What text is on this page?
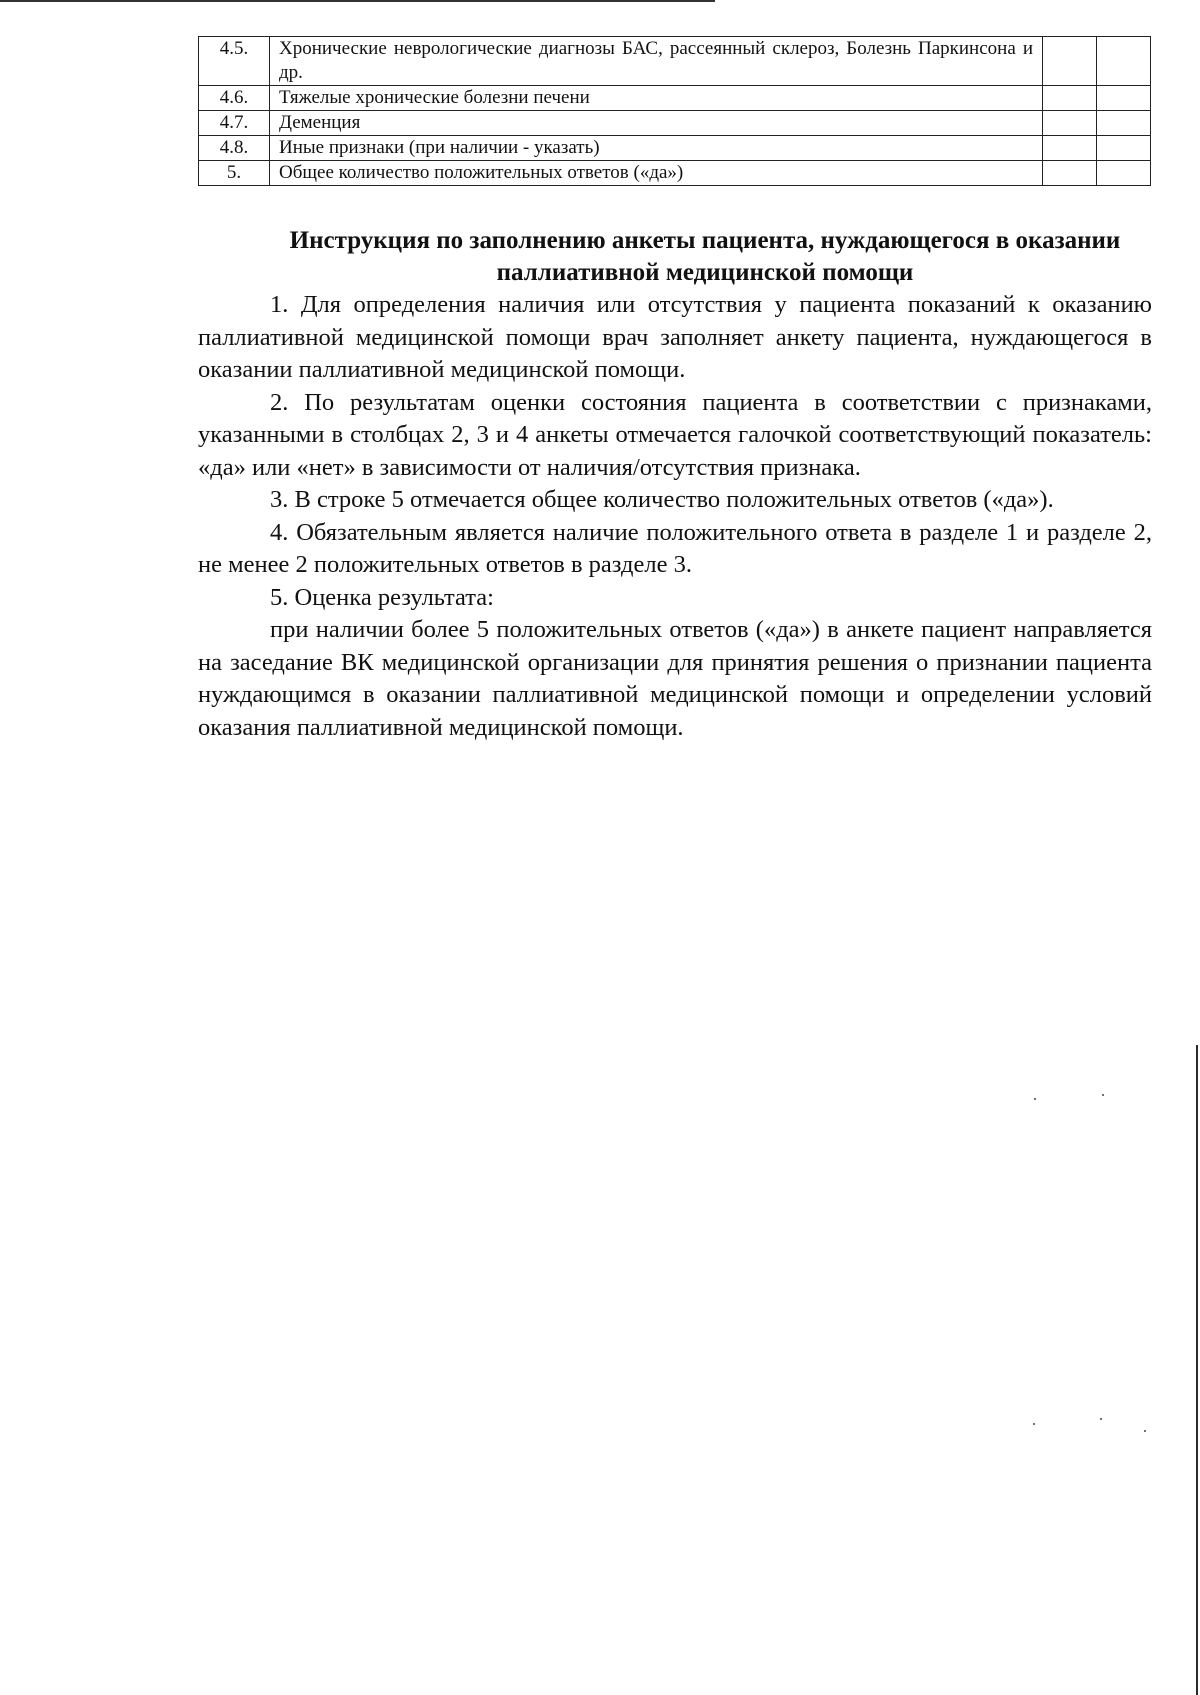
4.5.	Хронические неврологические диагнозы БАС, рассеянный склероз, Болезнь Паркинсона и др.		
4.6.	Тяжелые хронические болезни печени		
4.7.	Деменция		
4.8.	Иные признаки (при наличии - указать)		
5.	Общее количество положительных ответов («да»)		
Инструкция по заполнению анкеты пациента, нуждающегося в оказании паллиативной медицинской помощи

1. Для определения наличия или отсутствия у пациента показаний к оказанию паллиативной медицинской помощи врач заполняет анкету пациента, нуждающегося в оказании паллиативной медицинской помощи.

2. По результатам оценки состояния пациента в соответствии с признаками, указанными в столбцах 2, 3 и 4 анкеты отмечается галочкой соответствующий показатель: «да» или «нет» в зависимости от наличия/отсутствия признака.

3. В строке 5 отмечается общее количество положительных ответов («да»).

4. Обязательным является наличие положительного ответа в разделе 1 и разделе 2, не менее 2 положительных ответов в разделе 3.

5. Оценка результата:

при наличии более 5 положительных ответов («да») в анкете пациент направляется на заседание ВК медицинской организации для принятия решения о признании пациента нуждающимся в оказании паллиативной медицинской помощи и определении условий оказания паллиативной медицинской помощи.
